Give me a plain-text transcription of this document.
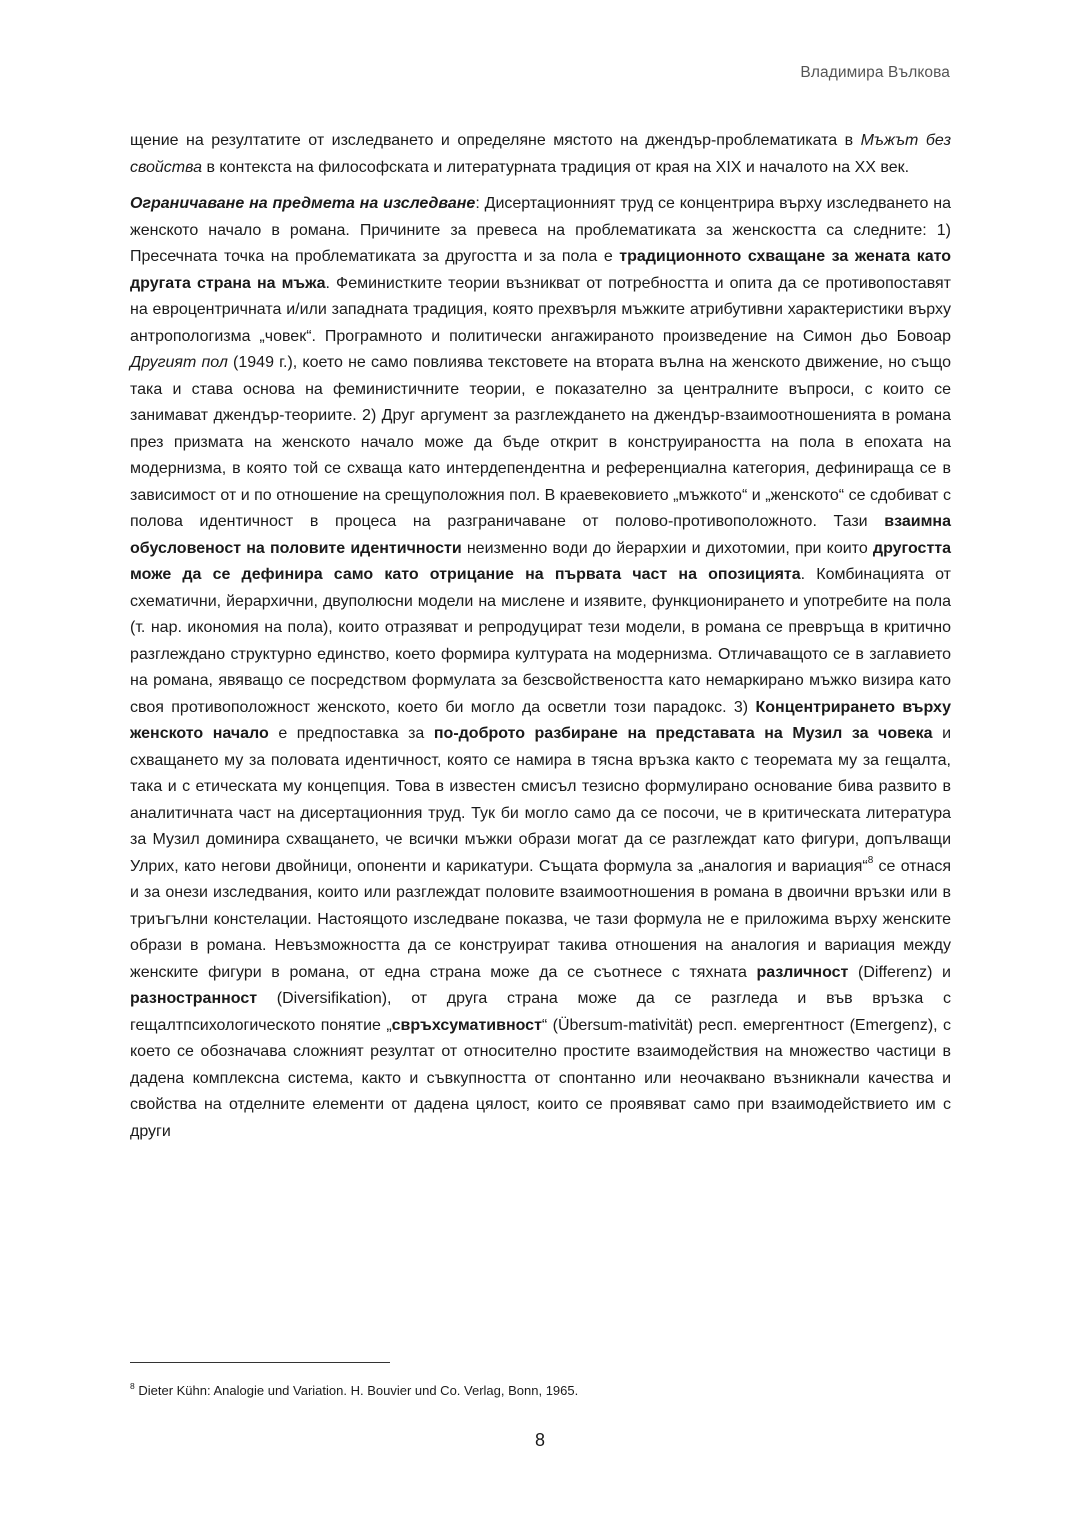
Владимира Вълкова

щение на резултатите от изследването и определяне мястото на джендър-проблематиката в Мъжът без свойства в контекста на философската и литературната традиция от края на XIX и началото на XX век.

Ограничаване на предмета на изследване: Дисертационният труд се концентрира върху изследването на женското начало в романа. Причините за превеса на проблематиката за женскостта са следните: 1) Пресечната точка на проблематиката за другостта и за пола е традиционното схващане за жената като другата страна на мъжа. Феминистките теории възникват от потребността и опита да се противопоставят на евроцентричната и/или западната традиция, която прехвърля мъжките атрибутивни характеристики върху антропологизма „човек“. Програмното и политически ангажираното произведение на Симон дьо Бовоар Другият пол (1949 г.), което не само повлиява текстовете на втората вълна на женското движение, но също така и става основа на феминистичните теории, е показателно за централните въпроси, с които се занимават джендър-теориите. 2) Друг аргумент за разглеждането на джендър-взаимоотношенията в романа през призмата на женското начало може да бъде открит в конструираността на пола в епохата на модернизма, в която той се схваща като интердепендентна и референциална категория, дефинираща се в зависимост от и по отношение на срещуположния пол. В краевековието „мъжкото“ и „женското“ се сдобиват с полова идентичност в процеса на разграничаване от полово-противоположното. Тази взаимна обусловеност на половите идентичности неизменно води до йерархии и дихотомии, при които другостта може да се дефинира само като отрицание на първата част на опозицията. Комбинацията от схематични, йерархични, двуполюсни модели на мислене и изявите, функционирането и употребите на пола (т. нар. икономия на пола), които отразяват и репродуцират тези модели, в романа се превръща в критично разглеждано структурно единство, което формира културата на модернизма. Отличаващото се в заглавието на романа, явяващо се посредством формулата за безсвойствеността като немаркирано мъжко визира като своя противоположност женското, което би могло да осветли този парадокс. 3) Концентрирането върху женското начало е предпоставка за по-доброто разбиране на представата на Музил за човека и схващането му за половата идентичност, която се намира в тясна връзка както с теоремата му за гещалта, така и с етическата му концепция. Това в известен смисъл тезисно формулирано основание бива развито в аналитичната част на дисертационния труд. Тук би могло само да се посочи, че в критическата литература за Музил доминира схващането, че всички мъжки образи могат да се разглеждат като фигури, допълващи Улрих, като негови двойници, опоненти и карикатури. Същата формула за „аналогия и вариация“$^8$ се отнася и за онези изследвания, които или разглеждат половите взаимоотношения в романа в двоични връзки или в триъгълни констелации. Настоящото изследване показва, че тази формула не е приложима върху женските образи в романа. Невъзможността да се конструират такива отношения на аналогия и вариация между женските фигури в романа, от една страна може да се съотнесе с тяхната различност (Differenz) и разностранност (Diversifikation), от друга страна може да се разгледа и във връзка с гещалтпсихологическото понятие „свръхсумативност“ (Übersum-mativität) респ. емергентност (Emergenz), с което се обозначава сложният резултат от относително простите взаимодействия на множество частици в дадена комплексна система, както и съвкупността от спонтанно или неочаквано възникнали качества и свойства на отделните елементи от дадена цялост, които се проявяват само при взаимодействието им с други

$^8$ Dieter Kühn: Analogie und Variation. H. Bouvier und Co. Verlag, Bonn, 1965.
8
